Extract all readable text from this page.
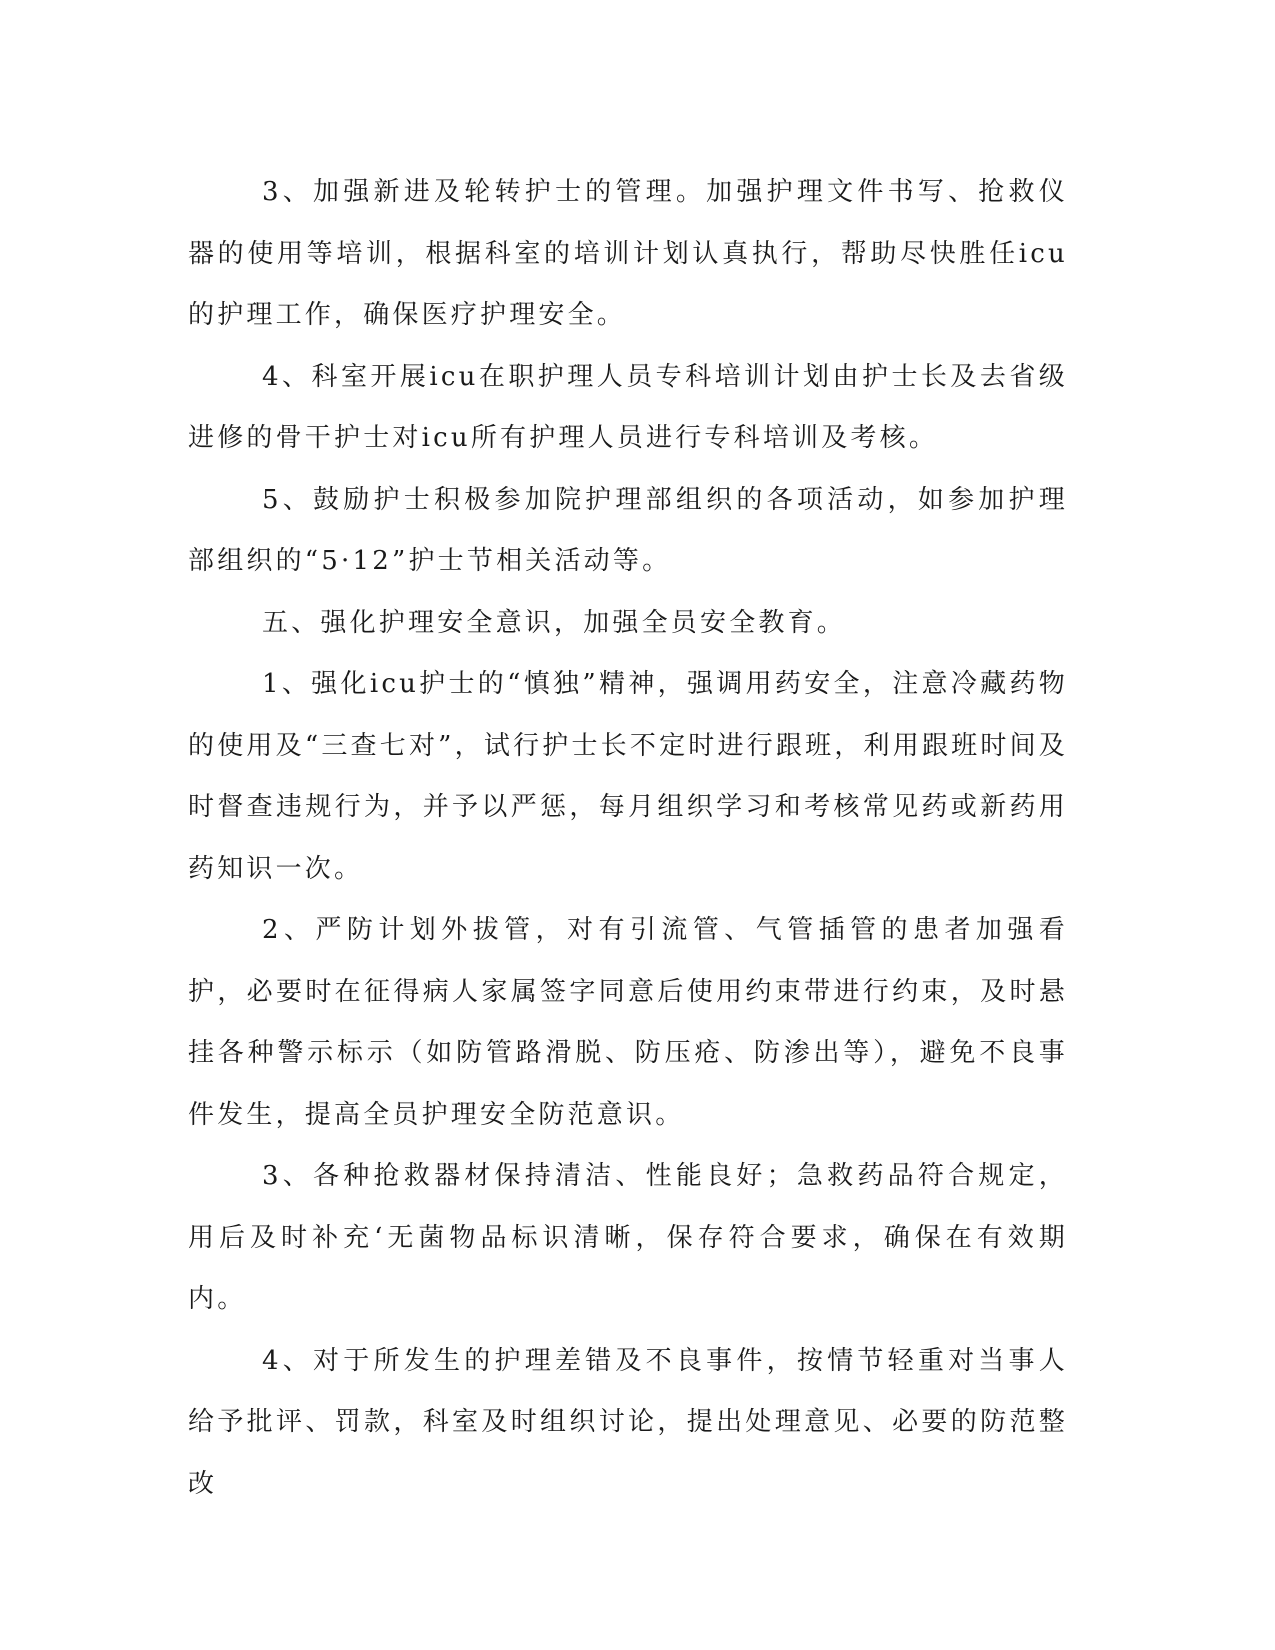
3、加强新进及轮转护士的管理。加强护理文件书写、抢救仪器的使用等培训，根据科室的培训计划认真执行，帮助尽快胜任icu的护理工作，确保医疗护理安全。

4、科室开展icu在职护理人员专科培训计划由护士长及去省级进修的骨干护士对icu所有护理人员进行专科培训及考核。

5、鼓励护士积极参加院护理部组织的各项活动，如参加护理部组织的“5·12”护士节相关活动等。

五、强化护理安全意识，加强全员安全教育。

1、强化icu护士的“慎独”精神，强调用药安全，注意冷藏药物的使用及“三查七对”，试行护士长不定时进行跟班，利用跟班时间及时督查违规行为，并予以严惩，每月组织学习和考核常见药或新药用药知识一次。

2、严防计划外拔管，对有引流管、气管插管的患者加强看护，必要时在征得病人家属签字同意后使用约束带进行约束，及时悬挂各种警示标示（如防管路滑脱、防压疮、防渗出等），避免不良事件发生，提高全员护理安全防范意识。

3、各种抢救器材保持清洁、性能良好；急救药品符合规定，用后及时补充‘无菌物品标识清晰，保存符合要求，确保在有效期内。

4、对于所发生的护理差错及不良事件，按情节轻重对当事人给予批评、罚款，科室及时组织讨论，提出处理意见、必要的防范整改
